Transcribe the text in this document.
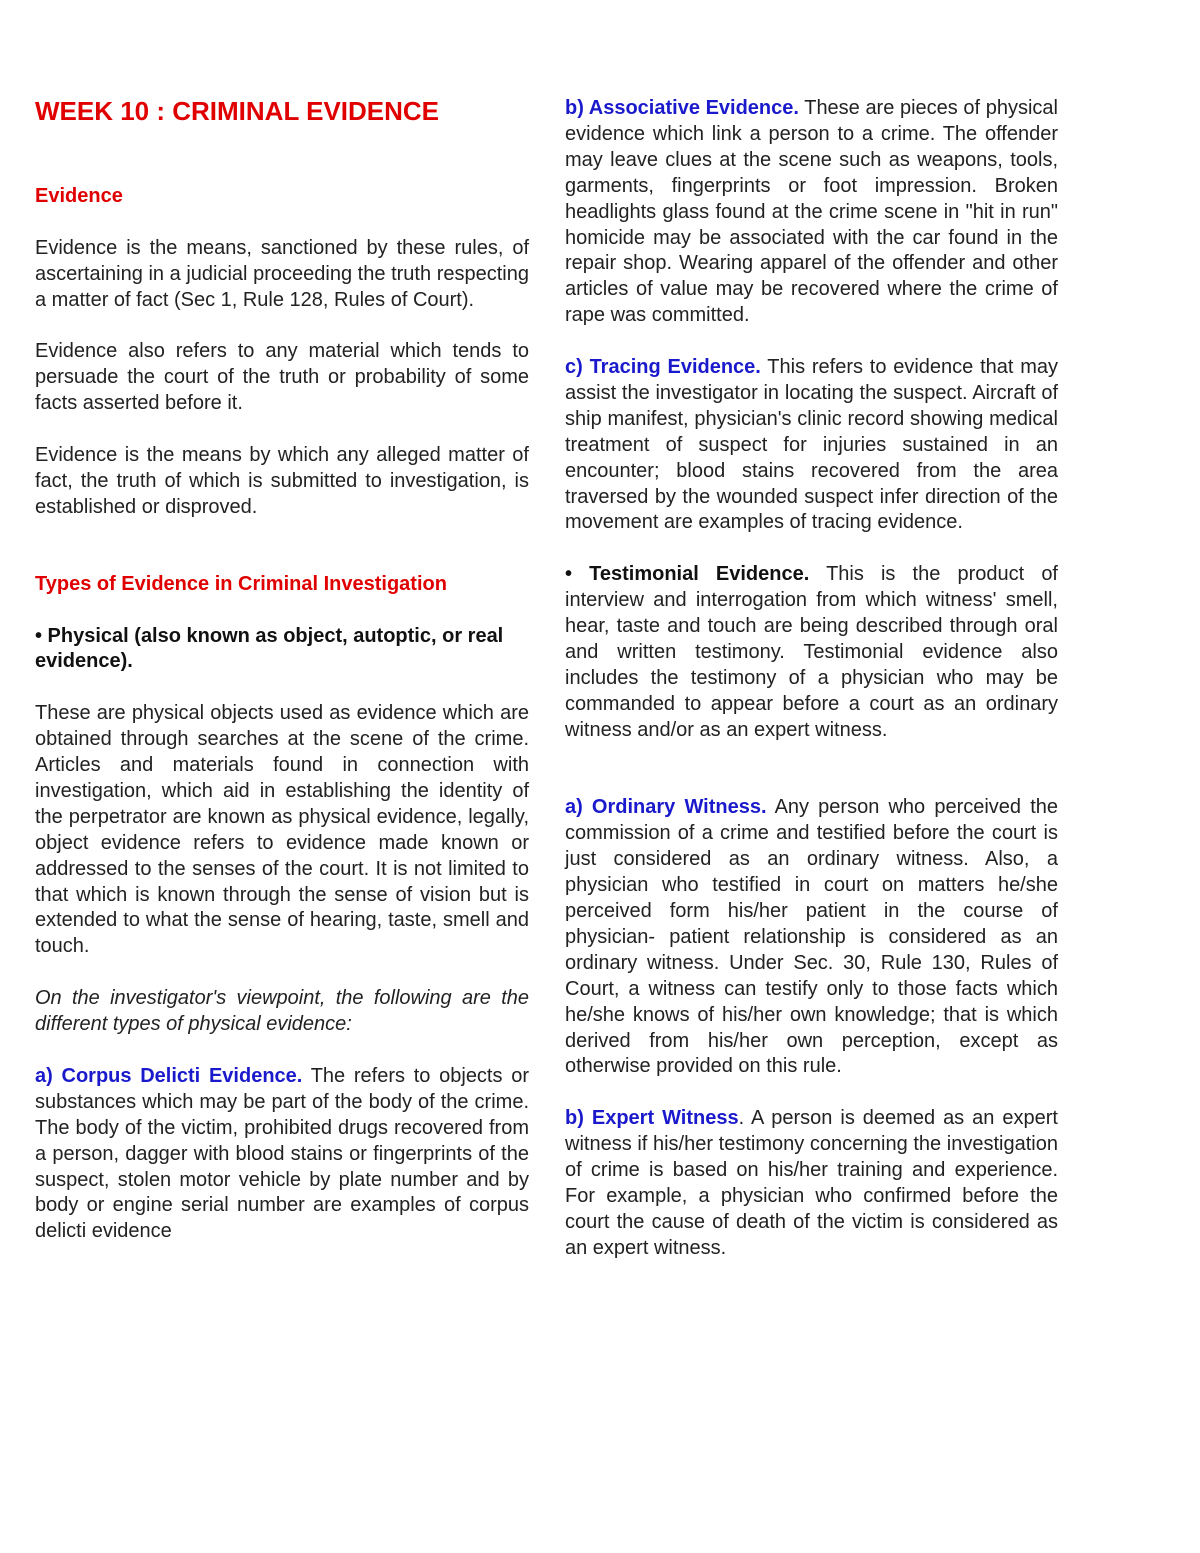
WEEK 10 : CRIMINAL EVIDENCE

Evidence

Evidence is the means, sanctioned by these rules, of ascertaining in a judicial proceeding the truth respecting a matter of fact (Sec 1, Rule 128, Rules of Court).

Evidence also refers to any material which tends to persuade the court of the truth or probability of some facts asserted before it.

Evidence is the means by which any alleged matter of fact, the truth of which is submitted to investigation, is established or disproved.

Types of Evidence in Criminal Investigation

• Physical (also known as object, autoptic, or real evidence).

These are physical objects used as evidence which are obtained through searches at the scene of the crime. Articles and materials found in connection with investigation, which aid in establishing the identity of the perpetrator are known as physical evidence, legally, object evidence refers to evidence made known or addressed to the senses of the court. It is not limited to that which is known through the sense of vision but is extended to what the sense of hearing, taste, smell and touch.

On the investigator's viewpoint, the following are the different types of physical evidence:

a) Corpus Delicti Evidence. The refers to objects or substances which may be part of the body of the crime. The body of the victim, prohibited drugs recovered from a person, dagger with blood stains or fingerprints of the suspect, stolen motor vehicle by plate number and by body or engine serial number are examples of corpus delicti evidence

b) Associative Evidence. These are pieces of physical evidence which link a person to a crime. The offender may leave clues at the scene such as weapons, tools, garments, fingerprints or foot impression. Broken headlights glass found at the crime scene in "hit in run" homicide may be associated with the car found in the repair shop. Wearing apparel of the offender and other articles of value may be recovered where the crime of rape was committed.

c) Tracing Evidence. This refers to evidence that may assist the investigator in locating the suspect. Aircraft of ship manifest, physician's clinic record showing medical treatment of suspect for injuries sustained in an encounter; blood stains recovered from the area traversed by the wounded suspect infer direction of the movement are examples of tracing evidence.

• Testimonial Evidence. This is the product of interview and interrogation from which witness' smell, hear, taste and touch are being described through oral and written testimony. Testimonial evidence also includes the testimony of a physician who may be commanded to appear before a court as an ordinary witness and/or as an expert witness.

a) Ordinary Witness. Any person who perceived the commission of a crime and testified before the court is just considered as an ordinary witness. Also, a physician who testified in court on matters he/she perceived form his/her patient in the course of physician- patient relationship is considered as an ordinary witness. Under Sec. 30, Rule 130, Rules of Court, a witness can testify only to those facts which he/she knows of his/her own knowledge; that is which derived from his/her own perception, except as otherwise provided on this rule.

b) Expert Witness. A person is deemed as an expert witness if his/her testimony concerning the investigation of crime is based on his/her training and experience. For example, a physician who confirmed before the court the cause of death of the victim is considered as an expert witness.
